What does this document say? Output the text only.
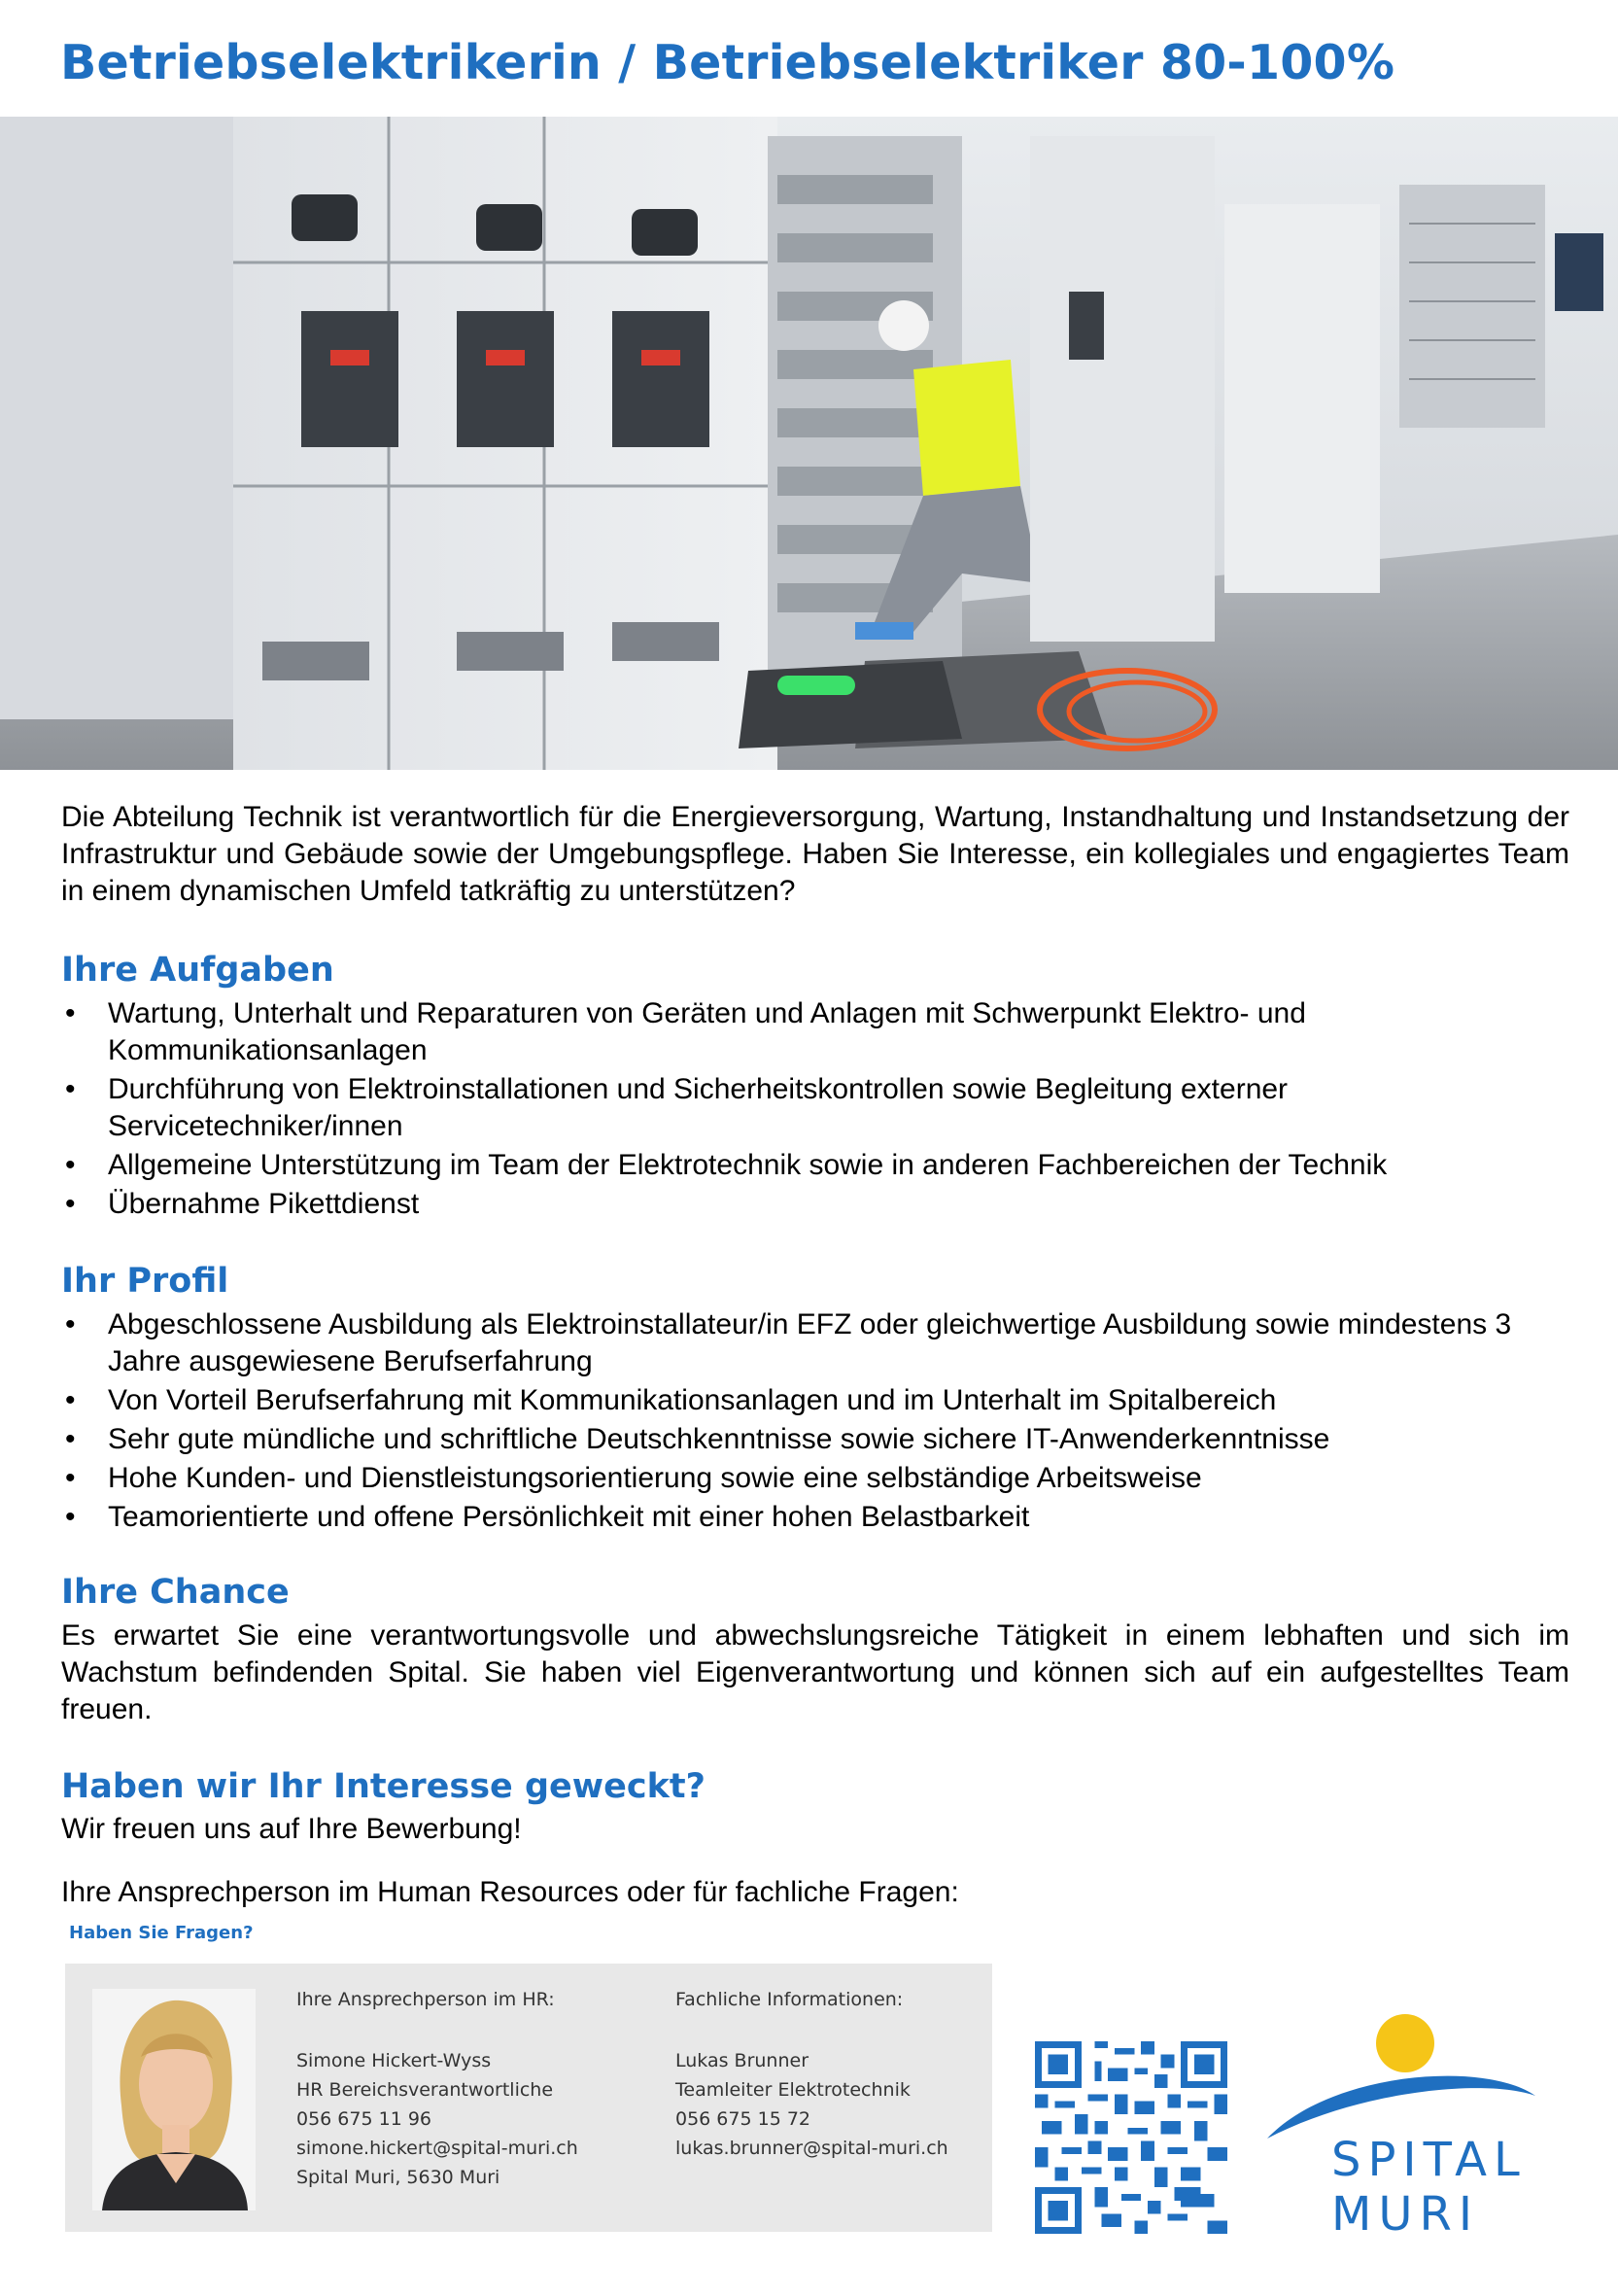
Betriebselektrikerin / Betriebselektriker 80-100%

Die Abteilung Technik ist verantwortlich für die Energieversorgung, Wartung, Instandhaltung und Instandsetzung der Infrastruktur und Gebäude sowie der Umgebungspflege. Haben Sie Interesse, ein kollegiales und engagiertes Team in einem dynamischen Umfeld tatkräftig zu unterstützen?

Ihre Aufgaben
• Wartung, Unterhalt und Reparaturen von Geräten und Anlagen mit Schwerpunkt Elektro- und Kommunikationsanlagen
• Durchführung von Elektroinstallationen und Sicherheitskontrollen sowie Begleitung externer Servicetechniker/innen
• Allgemeine Unterstützung im Team der Elektrotechnik sowie in anderen Fachbereichen der Technik
• Übernahme Pikettdienst
Ihr Profil
• Abgeschlossene Ausbildung als Elektroinstallateur/in EFZ oder gleichwertige Ausbildung sowie mindestens 3 Jahre ausgewiesene Berufserfahrung
• Von Vorteil Berufserfahrung mit Kommunikationsanlagen und im Unterhalt im Spitalbereich
• Sehr gute mündliche und schriftliche Deutschkenntnisse sowie sichere IT-Anwenderkenntnisse
• Hohe Kunden- und Dienstleistungsorientierung sowie eine selbständige Arbeitsweise
• Teamorientierte und offene Persönlichkeit mit einer hohen Belastbarkeit
Ihre Chance

Es erwartet Sie eine verantwortungsvolle und abwechslungsreiche Tätigkeit in einem lebhaften und sich im Wachstum befindenden Spital. Sie haben viel Eigenverantwortung und können sich auf ein aufgestelltes Team freuen.

Haben wir Ihr Interesse geweckt?

Wir freuen uns auf Ihre Bewerbung!

Ihre Ansprechperson im Human Resources oder für fachliche Fragen:

Haben Sie Fragen?
Ihre Ansprechperson im HR:
Simone Hickert-Wyss
HR Bereichsverantwortliche
056 675 11 96
simone.hickert@spital-muri.ch
Spital Muri, 5630 Muri
Fachliche Informationen:
Lukas Brunner
Teamleiter Elektrotechnik
056 675 15 72
lukas.brunner@spital-muri.ch	SPITAL
MURI
